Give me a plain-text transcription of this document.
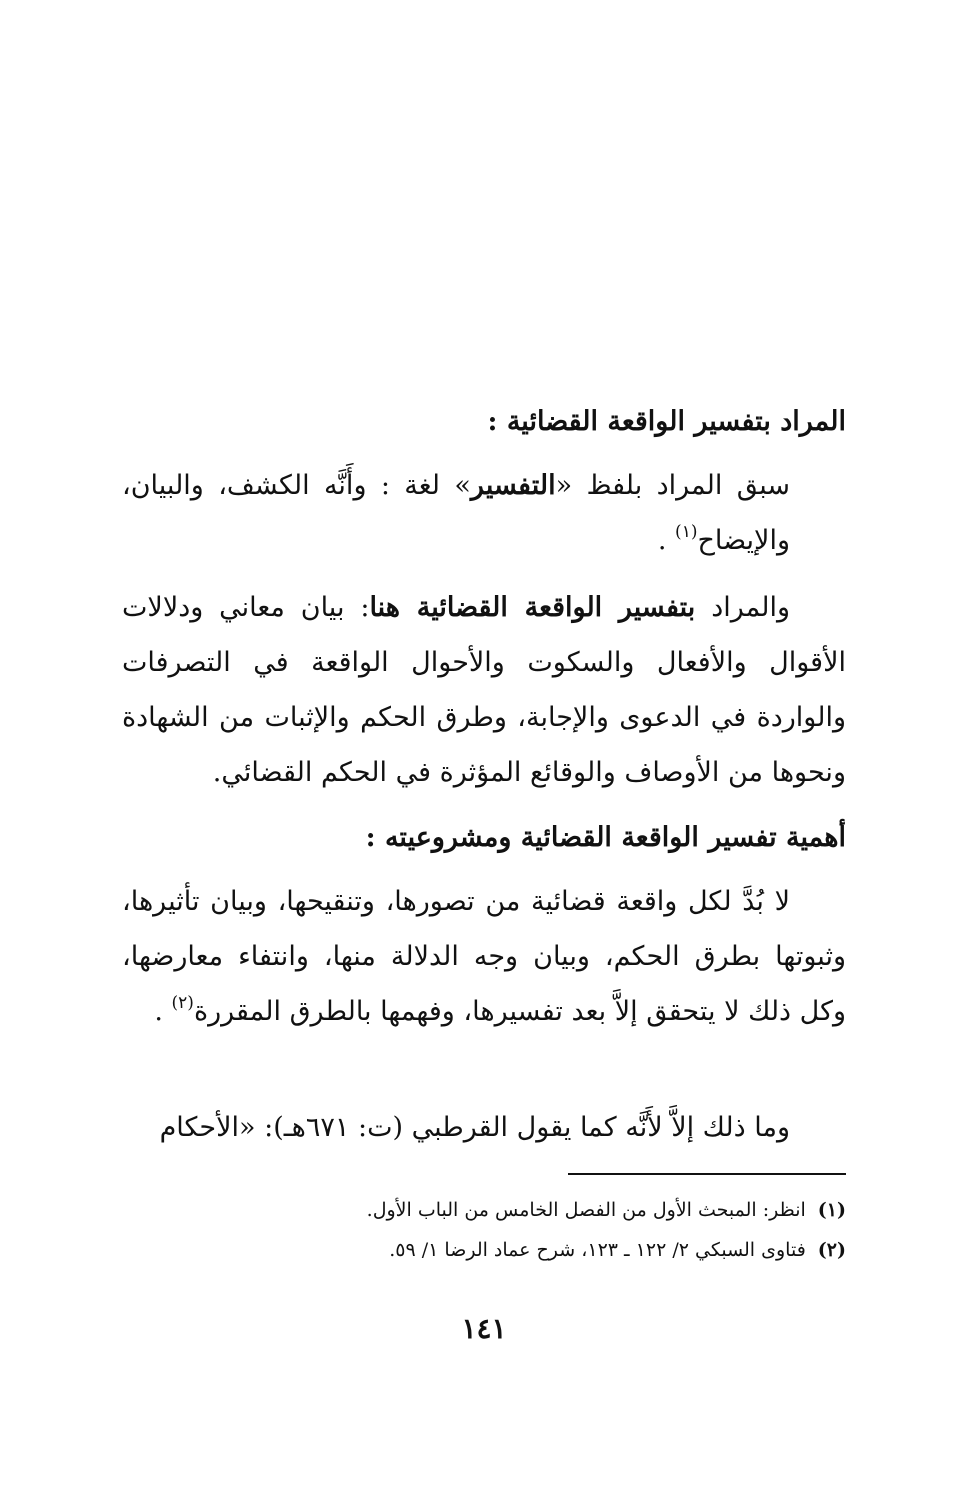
المراد بتفسير الواقعة القضائية :

سبق المراد بلفظ «التفسير» لغة : وأَنَّه الكشف، والبيان، والإيضاح$^{(١)}$ .

والمراد بتفسير الواقعة القضائية هنا: بيان معاني ودلالات الأقوال والأفعال والسكوت والأحوال الواقعة في التصرفات والواردة في الدعوى والإجابة، وطرق الحكم والإثبات من الشهادة ونحوها من الأوصاف والوقائع المؤثرة في الحكم القضائي.

أهمية تفسير الواقعة القضائية ومشروعيته :

لا بُدَّ لكل واقعة قضائية من تصورها، وتنقيحها، وبيان تأثيرها، وثبوتها بطرق الحكم، وبيان وجه الدلالة منها، وانتفاء معارضها، وكل ذلك لا يتحقق إلاَّ بعد تفسيرها، وفهمها بالطرق المقررة$^{(٢)}$ .

وما ذلك إلاَّ لأَنَّه كما يقول القرطبي (ت: ٦٧١هـ): «الأحكام

(١)
انظر: المبحث الأول من الفصل الخامس من الباب الأول.

(٢)
فتاوى السبكي ٢/ ١٢٢ ـ ١٢٣، شرح عماد الرضا ١/ ٥٩.

١٤١
